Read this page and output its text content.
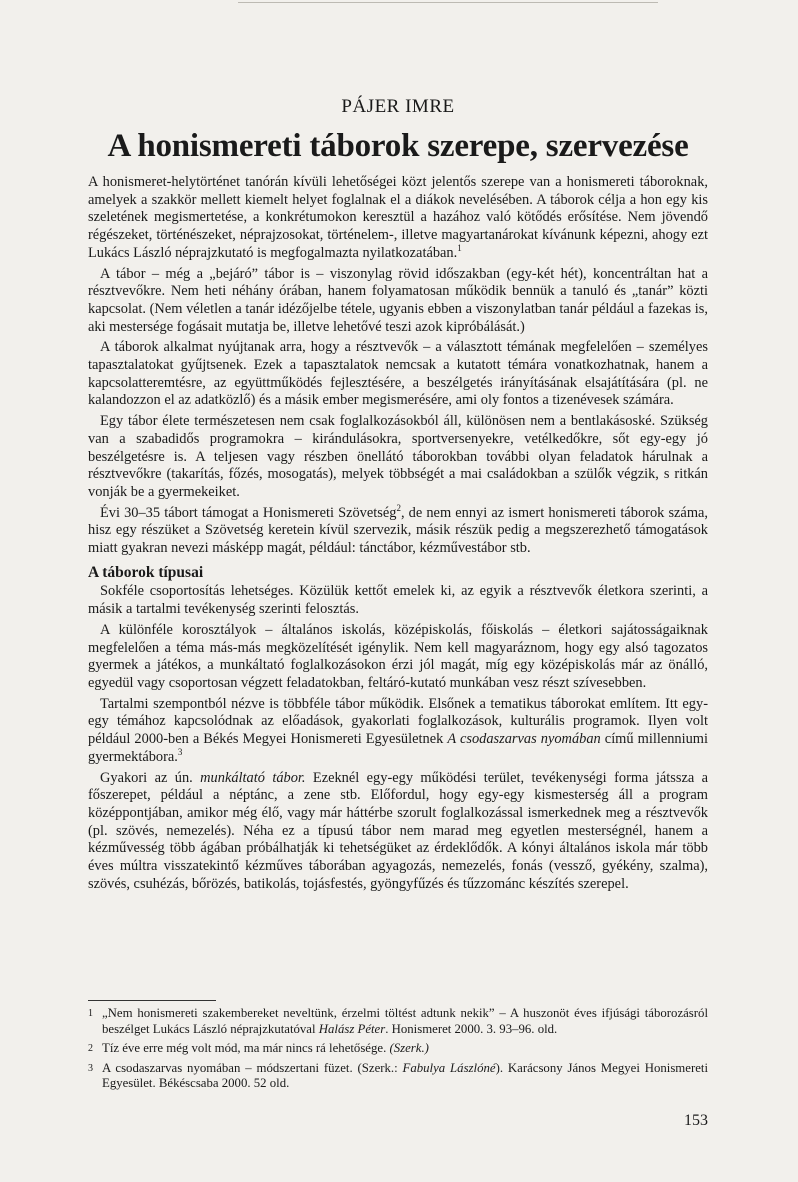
PÁJER IMRE
A honismereti táborok szerepe, szervezése

A honismeret-helytörténet tanórán kívüli lehetőségei közt jelentős szerepe van a honismereti táboroknak, amelyek a szakkör mellett kiemelt helyet foglalnak el a diákok nevelésében. A táborok célja a hon egy kis szeletének megismertetése, a konkrétumokon keresztül a hazához való kötődés erősítése. Nem jövendő régészeket, történészeket, néprajzosokat, történelem-, illetve magyartanárokat kívánunk képezni, ahogy ezt Lukács László néprajzkutató is megfogalmazta nyilatkozatában.$^1$

A tábor – még a „bejáró” tábor is – viszonylag rövid időszakban (egy-két hét), koncentráltan hat a résztvevőkre. Nem heti néhány órában, hanem folyamatosan működik bennük a tanuló és „tanár” közti kapcsolat. (Nem véletlen a tanár idézőjelbe tétele, ugyanis ebben a viszonylatban tanár például a fazekas is, aki mestersége fogásait mutatja be, illetve lehetővé teszi azok kipróbálását.)

A táborok alkalmat nyújtanak arra, hogy a résztvevők – a választott témának megfelelően – személyes tapasztalatokat gyűjtsenek. Ezek a tapasztalatok nemcsak a kutatott témára vonatkozhatnak, hanem a kapcsolatteremtésre, az együttműködés fejlesztésére, a beszélgetés irányításának elsajátítására (pl. ne kalandozzon el az adatközlő) és a másik ember megismerésére, ami oly fontos a tizenévesek számára.

Egy tábor élete természetesen nem csak foglalkozásokból áll, különösen nem a bentlakásoské. Szükség van a szabadidős programokra – kirándulásokra, sportversenyekre, vetélkedőkre, sőt egy-egy jó beszélgetésre is. A teljesen vagy részben önellátó táborokban további olyan feladatok hárulnak a résztvevőkre (takarítás, főzés, mosogatás), melyek többségét a mai családokban a szülők végzik, s ritkán vonják be a gyermekeiket.

Évi 30–35 tábort támogat a Honismereti Szövetség$^2$, de nem ennyi az ismert honismereti táborok száma, hisz egy részüket a Szövetség keretein kívül szervezik, másik részük pedig a megszerezhető támogatások miatt gyakran nevezi másképp magát, például: tánctábor, kézművestábor stb.

A táborok típusai

Sokféle csoportosítás lehetséges. Közülük kettőt emelek ki, az egyik a résztvevők életkora szerinti, a másik a tartalmi tevékenység szerinti felosztás.

A különféle korosztályok – általános iskolás, középiskolás, főiskolás – életkori sajátosságaiknak megfelelően a téma más-más megközelítését igénylik. Nem kell magyaráznom, hogy egy alsó tagozatos gyermek a játékos, a munkáltató foglalkozásokon érzi jól magát, míg egy középiskolás már az önálló, egyedül vagy csoportosan végzett feladatokban, feltáró-kutató munkában vesz részt szívesebben.

Tartalmi szempontból nézve is többféle tábor működik. Elsőnek a tematikus táborokat említem. Itt egy-egy témához kapcsolódnak az előadások, gyakorlati foglalkozások, kulturális programok. Ilyen volt például 2000-ben a Békés Megyei Honismereti Egyesületnek A csodaszarvas nyomában című millenniumi gyermektábora.$^3$

Gyakori az ún. munkáltató tábor. Ezeknél egy-egy működési terület, tevékenységi forma játssza a főszerepet, például a néptánc, a zene stb. Előfordul, hogy egy-egy kismesterség áll a program középpontjában, amikor még élő, vagy már háttérbe szorult foglalkozással ismerkednek meg a résztvevők (pl. szövés, nemezelés). Néha ez a típusú tábor nem marad meg egyetlen mesterségnél, hanem a kézművesség több ágában próbálhatják ki tehetségüket az érdeklődők. A kónyi általános iskola már több éves múltra visszatekintő kézműves táborában agyagozás, nemezelés, fonás (vessző, gyékény, szalma), szövés, csuhézás, bőrözés, batikolás, tojásfestés, gyöngyfűzés és tűzzománc készítés szerepel.

1 „Nem honismereti szakembereket neveltünk, érzelmi töltést adtunk nekik” – A huszonöt éves ifjúsági táborozásról beszélget Lukács László néprajzkutatóval Halász Péter. Honismeret 2000. 3. 93–96. old.
2 Tíz éve erre még volt mód, ma már nincs rá lehetősége. (Szerk.)
3 A csodaszarvas nyomában – módszertani füzet. (Szerk.: Fabulya Lászlóné). Karácsony János Megyei Honismereti Egyesület. Békéscsaba 2000. 52 old.
153
